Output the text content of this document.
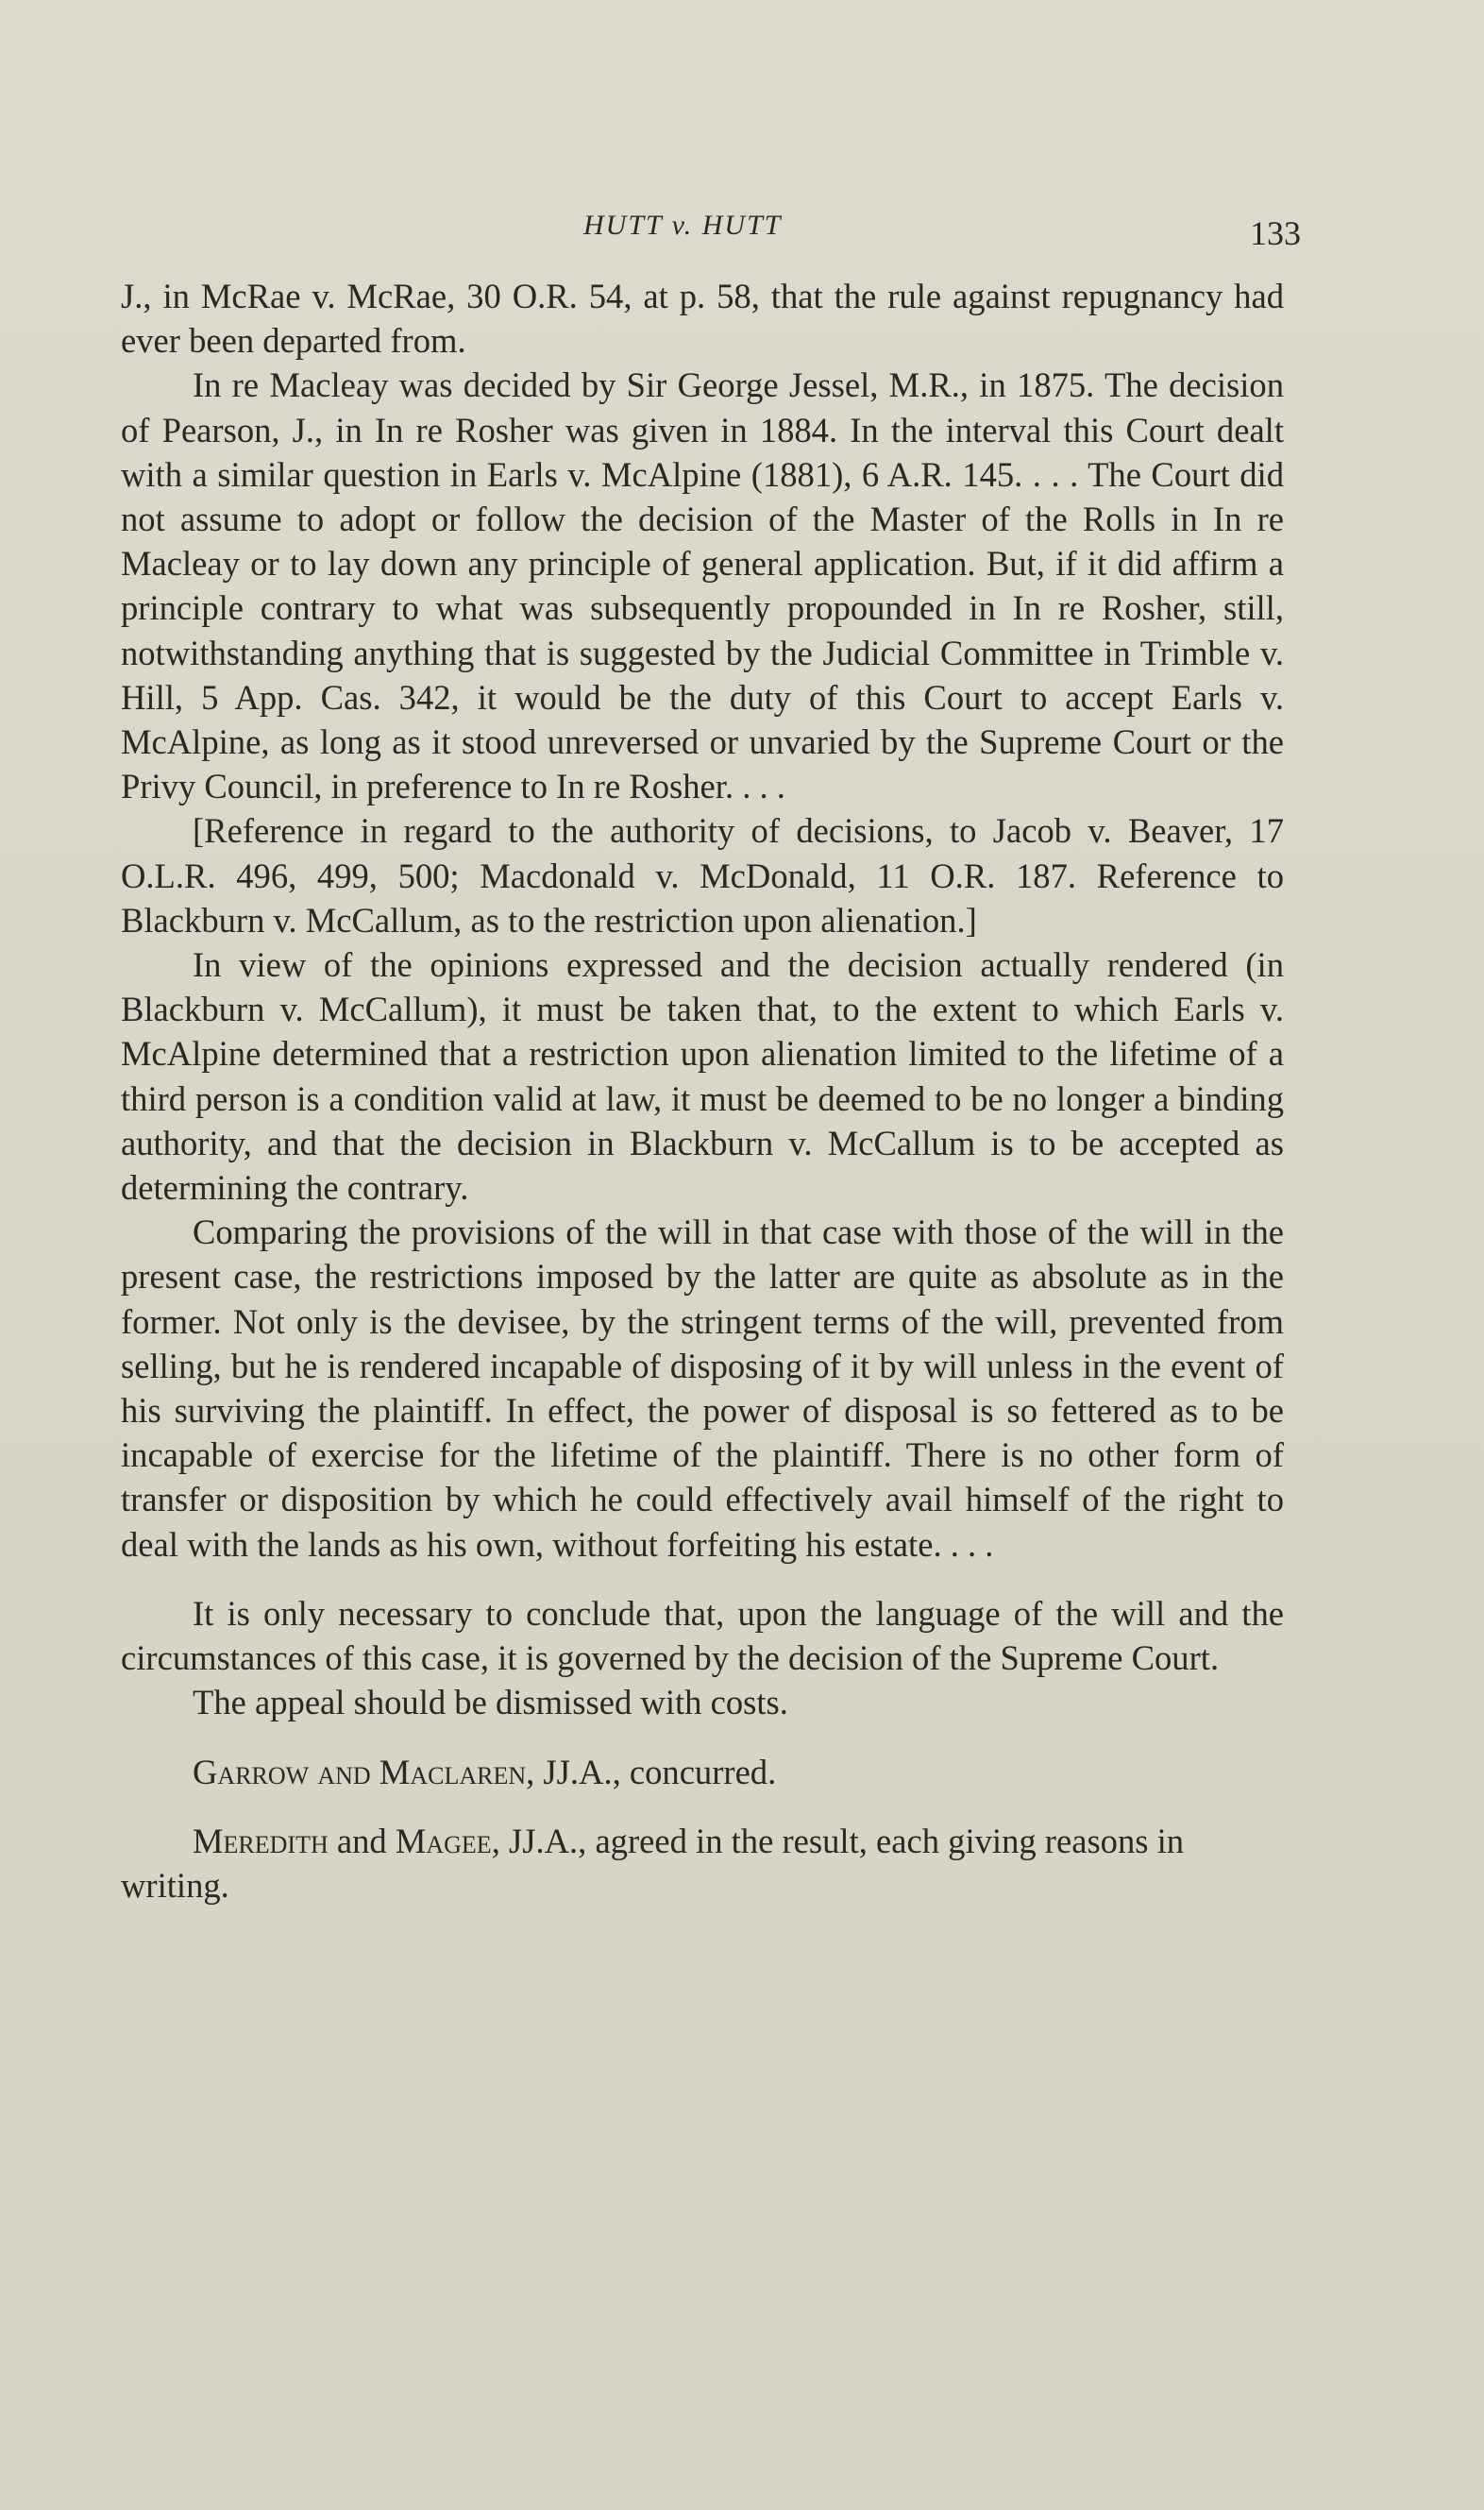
HUTT v. HUTT	133

J., in McRae v. McRae, 30 O.R. 54, at p. 58, that the rule against repugnancy had ever been departed from.

In re Macleay was decided by Sir George Jessel, M.R., in 1875. The decision of Pearson, J., in In re Rosher was given in 1884. In the interval this Court dealt with a similar question in Earls v. McAlpine (1881), 6 A.R. 145. . . . The Court did not assume to adopt or follow the decision of the Master of the Rolls in In re Macleay or to lay down any principle of general application. But, if it did affirm a principle contrary to what was subsequently propounded in In re Rosher, still, notwithstanding anything that is suggested by the Judicial Committee in Trimble v. Hill, 5 App. Cas. 342, it would be the duty of this Court to accept Earls v. McAlpine, as long as it stood unreversed or unvaried by the Supreme Court or the Privy Council, in preference to In re Rosher. . . .

[Reference in regard to the authority of decisions, to Jacob v. Beaver, 17 O.L.R. 496, 499, 500; Macdonald v. McDonald, 11 O.R. 187. Reference to Blackburn v. McCallum, as to the restriction upon alienation.]

In view of the opinions expressed and the decision actually rendered (in Blackburn v. McCallum), it must be taken that, to the extent to which Earls v. McAlpine determined that a restriction upon alienation limited to the lifetime of a third person is a condition valid at law, it must be deemed to be no longer a binding authority, and that the decision in Blackburn v. McCallum is to be accepted as determining the contrary.

Comparing the provisions of the will in that case with those of the will in the present case, the restrictions imposed by the latter are quite as absolute as in the former. Not only is the devisee, by the stringent terms of the will, prevented from selling, but he is rendered incapable of disposing of it by will unless in the event of his surviving the plaintiff. In effect, the power of disposal is so fettered as to be incapable of exercise for the lifetime of the plaintiff. There is no other form of transfer or disposition by which he could effectively avail himself of the right to deal with the lands as his own, without forfeiting his estate. . . .

It is only necessary to conclude that, upon the language of the will and the circumstances of this case, it is governed by the decision of the Supreme Court.

The appeal should be dismissed with costs.

Garrow and Maclaren, JJ.A., concurred.

Meredith and Magee, JJ.A., agreed in the result, each giving reasons in writing.
